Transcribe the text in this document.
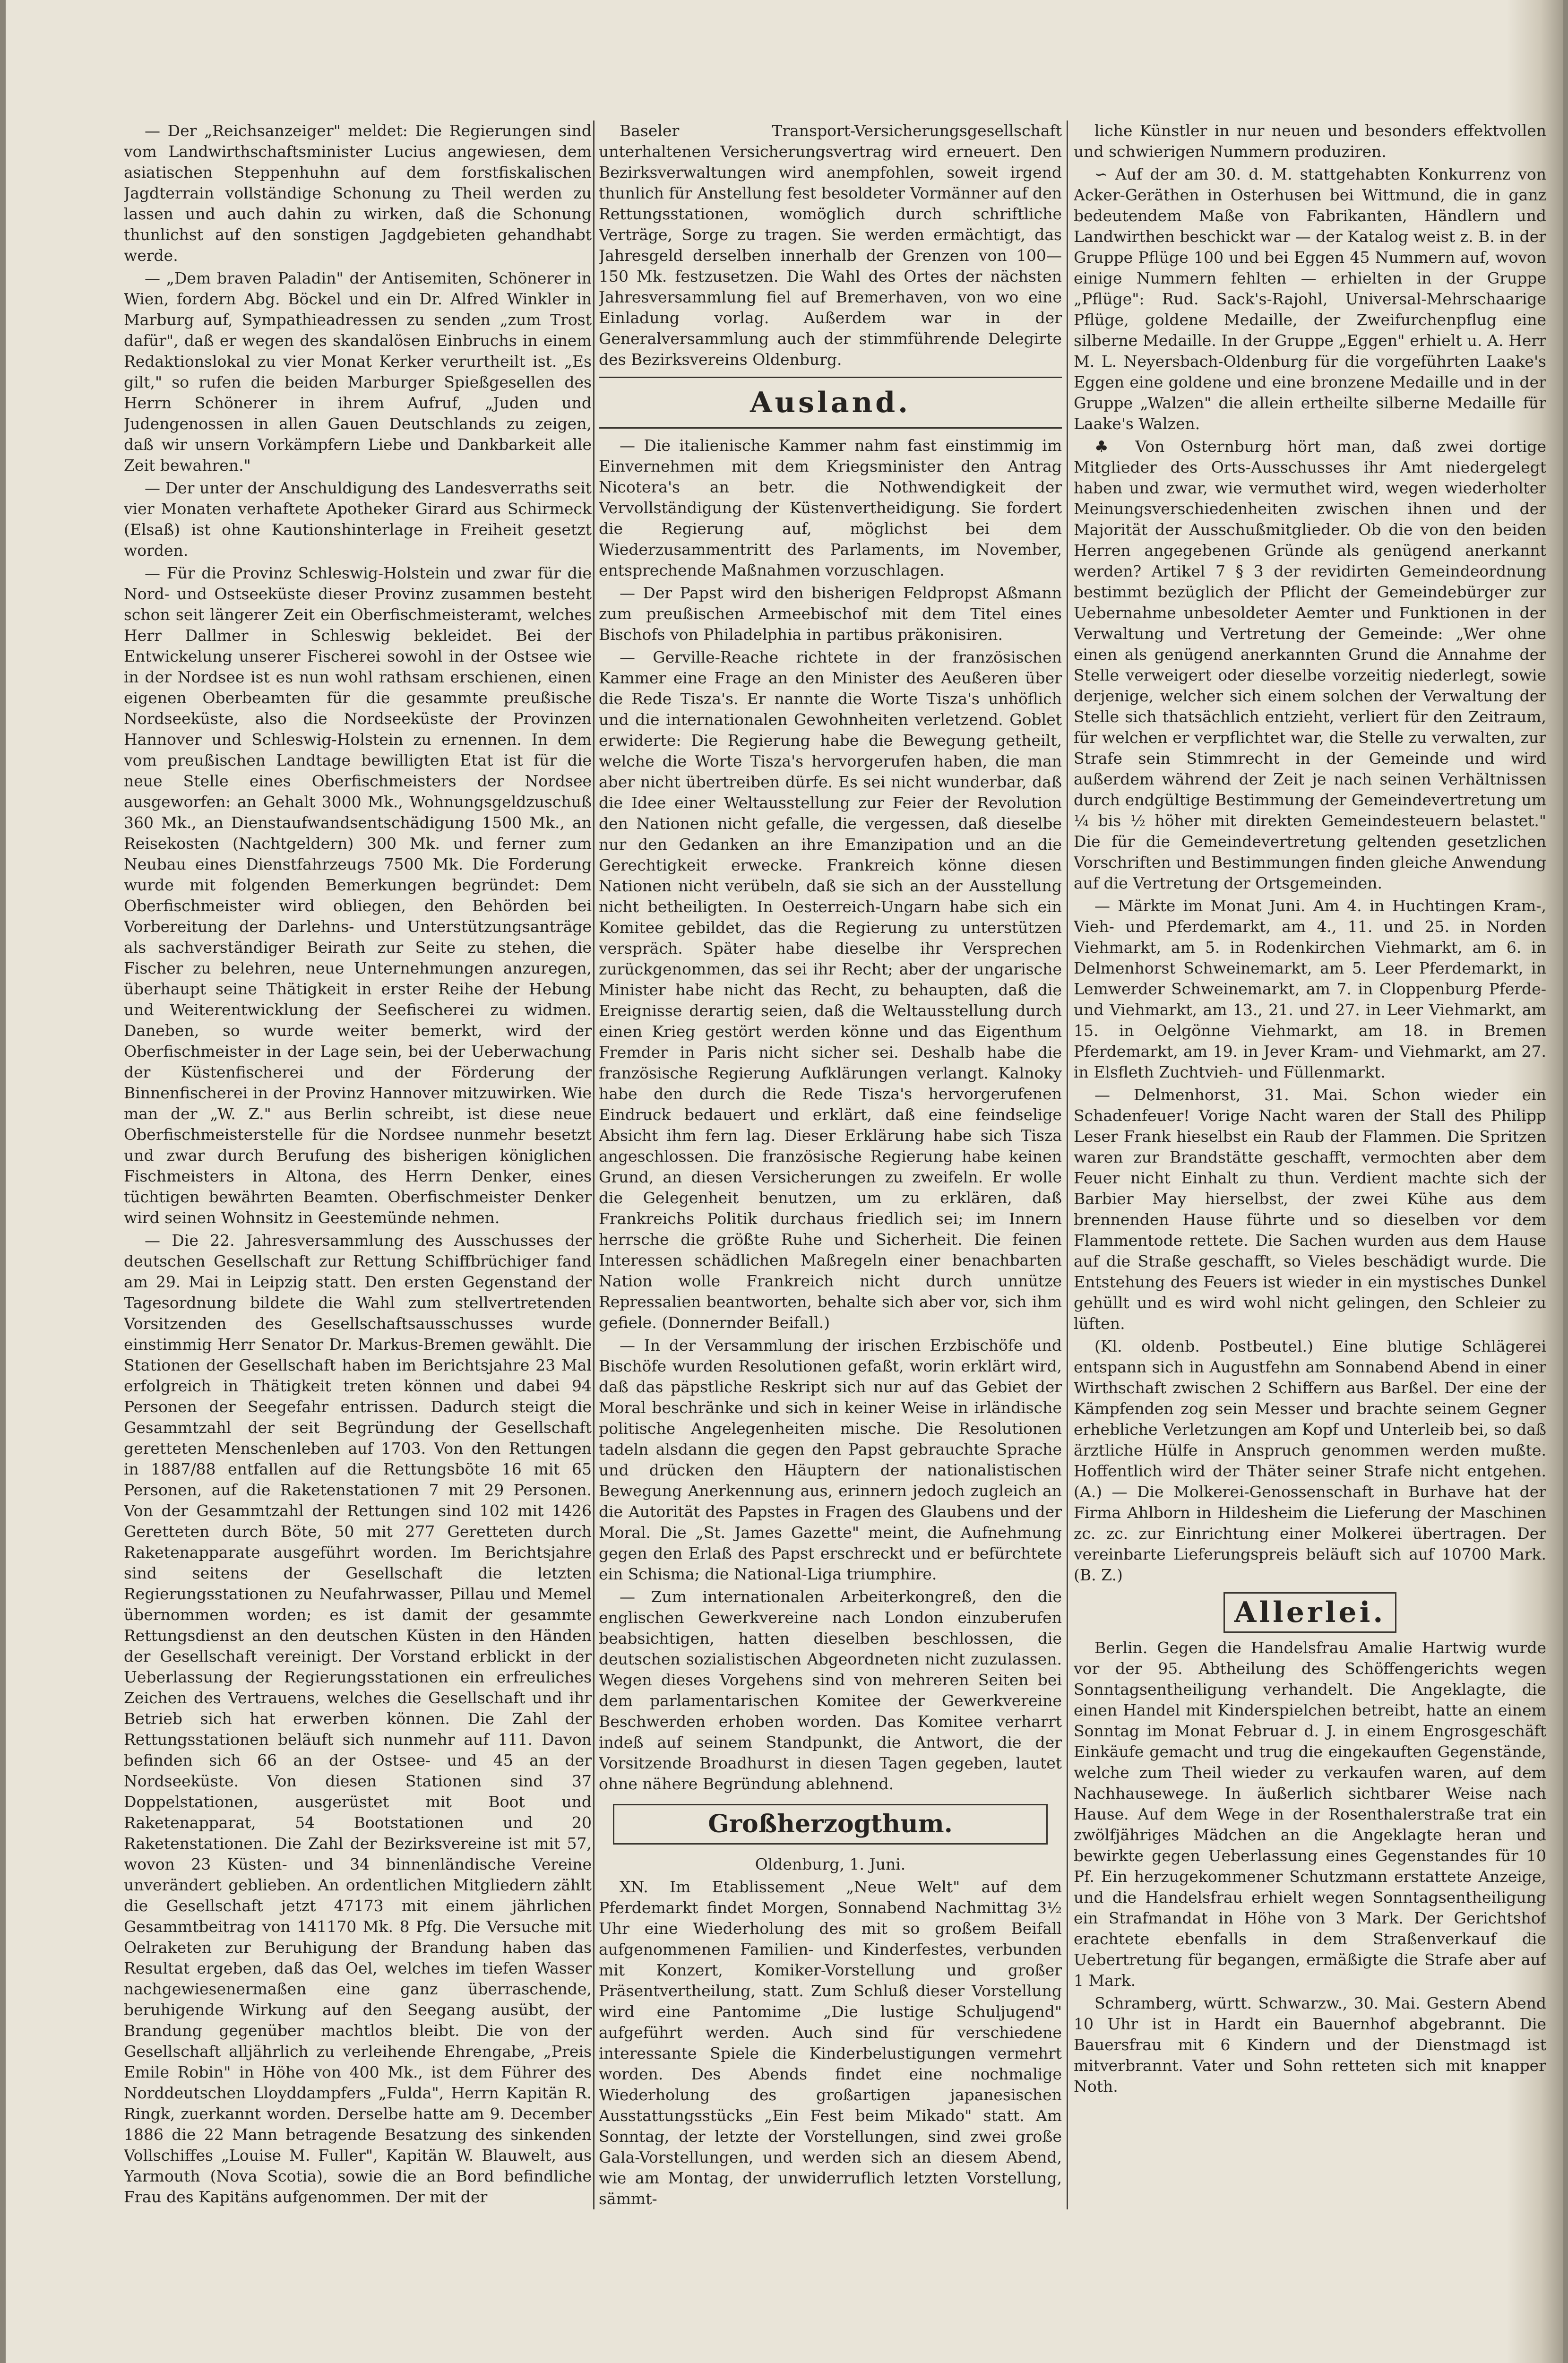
— Der „Reichsanzeiger" meldet: Die Regierungen sind vom Landwirthschaftsminister Lucius angewiesen, dem asiatischen Steppenhuhn auf dem forstfiskalischen Jagdterrain vollständige Schonung zu Theil werden zu lassen und auch dahin zu wirken, daß die Schonung thunlichst auf den sonstigen Jagdgebieten gehandhabt werde.

— „Dem braven Paladin" der Antisemiten, Schönerer in Wien, fordern Abg. Böckel und ein Dr. Alfred Winkler in Marburg auf, Sympathieadressen zu senden „zum Trost dafür", daß er wegen des skandalösen Einbruchs in einem Redaktionslokal zu vier Monat Kerker verurtheilt ist. „Es gilt," so rufen die beiden Marburger Spießgesellen des Herrn Schönerer in ihrem Aufruf, „Juden und Judengenossen in allen Gauen Deutschlands zu zeigen, daß wir unsern Vorkämpfern Liebe und Dankbarkeit alle Zeit bewahren."

— Der unter der Anschuldigung des Landesverraths seit vier Monaten verhaftete Apotheker Girard aus Schirmeck (Elsaß) ist ohne Kautionshinterlage in Freiheit gesetzt worden.

— Für die Provinz Schleswig-Holstein und zwar für die Nord- und Ostseeküste dieser Provinz zusammen besteht schon seit längerer Zeit ein Oberfischmeisteramt, welches Herr Dallmer in Schleswig bekleidet. Bei der Entwickelung unserer Fischerei sowohl in der Ostsee wie in der Nordsee ist es nun wohl rathsam erschienen, einen eigenen Oberbeamten für die gesammte preußische Nordseeküste, also die Nordseeküste der Provinzen Hannover und Schleswig-Holstein zu ernennen. In dem vom preußischen Landtage bewilligten Etat ist für die neue Stelle eines Oberfischmeisters der Nordsee ausgeworfen: an Gehalt 3000 Mk., Wohnungsgeldzuschuß 360 Mk., an Dienstaufwandsentschädigung 1500 Mk., an Reisekosten (Nachtgeldern) 300 Mk. und ferner zum Neubau eines Dienstfahrzeugs 7500 Mk. Die Forderung wurde mit folgenden Bemerkungen begründet: Dem Oberfischmeister wird obliegen, den Behörden bei Vorbereitung der Darlehns- und Unterstützungsanträge als sachverständiger Beirath zur Seite zu stehen, die Fischer zu belehren, neue Unternehmungen anzuregen, überhaupt seine Thätigkeit in erster Reihe der Hebung und Weiterentwicklung der Seefischerei zu widmen. Daneben, so wurde weiter bemerkt, wird der Oberfischmeister in der Lage sein, bei der Ueberwachung der Küstenfischerei und der Förderung der Binnenfischerei in der Provinz Hannover mitzuwirken. Wie man der „W. Z." aus Berlin schreibt, ist diese neue Oberfischmeisterstelle für die Nordsee nunmehr besetzt und zwar durch Berufung des bisherigen königlichen Fischmeisters in Altona, des Herrn Denker, eines tüchtigen bewährten Beamten. Oberfischmeister Denker wird seinen Wohnsitz in Geestemünde nehmen.

— Die 22. Jahresversammlung des Ausschusses der deutschen Gesellschaft zur Rettung Schiffbrüchiger fand am 29. Mai in Leipzig statt. Den ersten Gegenstand der Tagesordnung bildete die Wahl zum stellvertretenden Vorsitzenden des Gesellschaftsausschusses wurde einstimmig Herr Senator Dr. Markus-Bremen gewählt. Die Stationen der Gesellschaft haben im Berichtsjahre 23 Mal erfolgreich in Thätigkeit treten können und dabei 94 Personen der Seegefahr entrissen. Dadurch steigt die Gesammtzahl der seit Begründung der Gesellschaft geretteten Menschenleben auf 1703. Von den Rettungen in 1887/88 entfallen auf die Rettungsböte 16 mit 65 Personen, auf die Raketenstationen 7 mit 29 Personen. Von der Gesammtzahl der Rettungen sind 102 mit 1426 Geretteten durch Böte, 50 mit 277 Geretteten durch Raketenapparate ausgeführt worden. Im Berichtsjahre sind seitens der Gesellschaft die letzten Regierungsstationen zu Neufahrwasser, Pillau und Memel übernommen worden; es ist damit der gesammte Rettungsdienst an den deutschen Küsten in den Händen der Gesellschaft vereinigt. Der Vorstand erblickt in der Ueberlassung der Regierungsstationen ein erfreuliches Zeichen des Vertrauens, welches die Gesellschaft und ihr Betrieb sich hat erwerben können. Die Zahl der Rettungsstationen beläuft sich nunmehr auf 111. Davon befinden sich 66 an der Ostsee- und 45 an der Nordseeküste. Von diesen Stationen sind 37 Doppelstationen, ausgerüstet mit Boot und Raketenapparat, 54 Bootstationen und 20 Raketenstationen. Die Zahl der Bezirksvereine ist mit 57, wovon 23 Küsten- und 34 binnenländische Vereine unverändert geblieben. An ordentlichen Mitgliedern zählt die Gesellschaft jetzt 47173 mit einem jährlichen Gesammtbeitrag von 141170 Mk. 8 Pfg. Die Versuche mit Oelraketen zur Beruhigung der Brandung haben das Resultat ergeben, daß das Oel, welches im tiefen Wasser nachgewiesenermaßen eine ganz überraschende, beruhigende Wirkung auf den Seegang ausübt, der Brandung gegenüber machtlos bleibt. Die von der Gesellschaft alljährlich zu verleihende Ehrengabe, „Preis Emile Robin" in Höhe von 400 Mk., ist dem Führer des Norddeutschen Lloyddampfers „Fulda", Herrn Kapitän R. Ringk, zuerkannt worden. Derselbe hatte am 9. December 1886 die 22 Mann betragende Besatzung des sinkenden Vollschiffes „Louise M. Fuller", Kapitän W. Blauwelt, aus Yarmouth (Nova Scotia), sowie die an Bord befindliche Frau des Kapitäns aufgenommen. Der mit der

Baseler Transport-Versicherungsgesellschaft unterhaltenen Versicherungsvertrag wird erneuert. Den Bezirksverwaltungen wird anempfohlen, soweit irgend thunlich für Anstellung fest besoldeter Vormänner auf den Rettungsstationen, womöglich durch schriftliche Verträge, Sorge zu tragen. Sie werden ermächtigt, das Jahresgeld derselben innerhalb der Grenzen von 100—150 Mk. festzusetzen. Die Wahl des Ortes der nächsten Jahresversammlung fiel auf Bremerhaven, von wo eine Einladung vorlag. Außerdem war in der Generalversammlung auch der stimmführende Delegirte des Bezirksvereins Oldenburg.

Ausland.

— Die italienische Kammer nahm fast einstimmig im Einvernehmen mit dem Kriegsminister den Antrag Nicotera's an betr. die Nothwendigkeit der Vervollständigung der Küstenvertheidigung. Sie fordert die Regierung auf, möglichst bei dem Wiederzusammentritt des Parlaments, im November, entsprechende Maßnahmen vorzuschlagen.

— Der Papst wird den bisherigen Feldpropst Aßmann zum preußischen Armeebischof mit dem Titel eines Bischofs von Philadelphia in partibus präkonisiren.

— Gerville-Reache richtete in der französischen Kammer eine Frage an den Minister des Aeußeren über die Rede Tisza's. Er nannte die Worte Tisza's unhöflich und die internationalen Gewohnheiten verletzend. Goblet erwiderte: Die Regierung habe die Bewegung getheilt, welche die Worte Tisza's hervorgerufen haben, die man aber nicht übertreiben dürfe. Es sei nicht wunderbar, daß die Idee einer Weltausstellung zur Feier der Revolution den Nationen nicht gefalle, die vergessen, daß dieselbe nur den Gedanken an ihre Emanzipation und an die Gerechtigkeit erwecke. Frankreich könne diesen Nationen nicht verübeln, daß sie sich an der Ausstellung nicht betheiligten. In Oesterreich-Ungarn habe sich ein Komitee gebildet, das die Regierung zu unterstützen verspräch. Später habe dieselbe ihr Versprechen zurückgenommen, das sei ihr Recht; aber der ungarische Minister habe nicht das Recht, zu behaupten, daß die Ereignisse derartig seien, daß die Weltausstellung durch einen Krieg gestört werden könne und das Eigenthum Fremder in Paris nicht sicher sei. Deshalb habe die französische Regierung Aufklärungen verlangt. Kalnoky habe den durch die Rede Tisza's hervorgerufenen Eindruck bedauert und erklärt, daß eine feindselige Absicht ihm fern lag. Dieser Erklärung habe sich Tisza angeschlossen. Die französische Regierung habe keinen Grund, an diesen Versicherungen zu zweifeln. Er wolle die Gelegenheit benutzen, um zu erklären, daß Frankreichs Politik durchaus friedlich sei; im Innern herrsche die größte Ruhe und Sicherheit. Die feinen Interessen schädlichen Maßregeln einer benachbarten Nation wolle Frankreich nicht durch unnütze Repressalien beantworten, behalte sich aber vor, sich ihm gefiele. (Donnernder Beifall.)

— In der Versammlung der irischen Erzbischöfe und Bischöfe wurden Resolutionen gefaßt, worin erklärt wird, daß das päpstliche Reskript sich nur auf das Gebiet der Moral beschränke und sich in keiner Weise in irländische politische Angelegenheiten mische. Die Resolutionen tadeln alsdann die gegen den Papst gebrauchte Sprache und drücken den Häuptern der nationalistischen Bewegung Anerkennung aus, erinnern jedoch zugleich an die Autorität des Papstes in Fragen des Glaubens und der Moral. Die „St. James Gazette" meint, die Aufnehmung gegen den Erlaß des Papst erschreckt und er befürchtete ein Schisma; die National-Liga triumphire.

— Zum internationalen Arbeiterkongreß, den die englischen Gewerkvereine nach London einzuberufen beabsichtigen, hatten dieselben beschlossen, die deutschen sozialistischen Abgeordneten nicht zuzulassen. Wegen dieses Vorgehens sind von mehreren Seiten bei dem parlamentarischen Komitee der Gewerkvereine Beschwerden erhoben worden. Das Komitee verharrt indeß auf seinem Standpunkt, die Antwort, die der Vorsitzende Broadhurst in diesen Tagen gegeben, lautet ohne nähere Begründung ablehnend.

Großherzogthum.

Oldenburg, 1. Juni.

XN. Im Etablissement „Neue Welt" auf dem Pferdemarkt findet Morgen, Sonnabend Nachmittag 3½ Uhr eine Wiederholung des mit so großem Beifall aufgenommenen Familien- und Kinderfestes, verbunden mit Konzert, Komiker-Vorstellung und großer Präsentvertheilung, statt. Zum Schluß dieser Vorstellung wird eine Pantomime „Die lustige Schuljugend" aufgeführt werden. Auch sind für verschiedene interessante Spiele die Kinderbelustigungen vermehrt worden. Des Abends findet eine nochmalige Wiederholung des großartigen japanesischen Ausstattungsstücks „Ein Fest beim Mikado" statt. Am Sonntag, der letzte der Vorstellungen, sind zwei große Gala-Vorstellungen, und werden sich an diesem Abend, wie am Montag, der unwiderruflich letzten Vorstellung, sämmt-

liche Künstler in nur neuen und besonders effektvollen und schwierigen Nummern produziren.

∽ Auf der am 30. d. M. stattgehabten Konkurrenz von Acker-Geräthen in Osterhusen bei Wittmund, die in ganz bedeutendem Maße von Fabrikanten, Händlern und Landwirthen beschickt war — der Katalog weist z. B. in der Gruppe Pflüge 100 und bei Eggen 45 Nummern auf, wovon einige Nummern fehlten — erhielten in der Gruppe „Pflüge": Rud. Sack's-Rajohl, Universal-Mehrschaarige Pflüge, goldene Medaille, der Zweifurchenpflug eine silberne Medaille. In der Gruppe „Eggen" erhielt u. A. Herr M. L. Neyersbach-Oldenburg für die vorgeführten Laake's Eggen eine goldene und eine bronzene Medaille und in der Gruppe „Walzen" die allein ertheilte silberne Medaille für Laake's Walzen.

♣ Von Osternburg hört man, daß zwei dortige Mitglieder des Orts-Ausschusses ihr Amt niedergelegt haben und zwar, wie vermuthet wird, wegen wiederholter Meinungsverschiedenheiten zwischen ihnen und der Majorität der Ausschußmitglieder. Ob die von den beiden Herren angegebenen Gründe als genügend anerkannt werden? Artikel 7 § 3 der revidirten Gemeindeordnung bestimmt bezüglich der Pflicht der Gemeindebürger zur Uebernahme unbesoldeter Aemter und Funktionen in der Verwaltung und Vertretung der Gemeinde: „Wer ohne einen als genügend anerkannten Grund die Annahme der Stelle verweigert oder dieselbe vorzeitig niederlegt, sowie derjenige, welcher sich einem solchen der Verwaltung der Stelle sich thatsächlich entzieht, verliert für den Zeitraum, für welchen er verpflichtet war, die Stelle zu verwalten, zur Strafe sein Stimmrecht in der Gemeinde und wird außerdem während der Zeit je nach seinen Verhältnissen durch endgültige Bestimmung der Gemeindevertretung um ¼ bis ½ höher mit direkten Gemeindesteuern belastet." Die für die Gemeindevertretung geltenden gesetzlichen Vorschriften und Bestimmungen finden gleiche Anwendung auf die Vertretung der Ortsgemeinden.

— Märkte im Monat Juni. Am 4. in Huchtingen Kram-, Vieh- und Pferdemarkt, am 4., 11. und 25. in Norden Viehmarkt, am 5. in Rodenkirchen Viehmarkt, am 6. in Delmenhorst Schweinemarkt, am 5. Leer Pferdemarkt, in Lemwerder Schweinemarkt, am 7. in Cloppenburg Pferde- und Viehmarkt, am 13., 21. und 27. in Leer Viehmarkt, am 15. in Oelgönne Viehmarkt, am 18. in Bremen Pferdemarkt, am 19. in Jever Kram- und Viehmarkt, am 27. in Elsfleth Zuchtvieh- und Füllenmarkt.

— Delmenhorst, 31. Mai. Schon wieder ein Schadenfeuer! Vorige Nacht waren der Stall des Philipp Leser Frank hieselbst ein Raub der Flammen. Die Spritzen waren zur Brandstätte geschafft, vermochten aber dem Feuer nicht Einhalt zu thun. Verdient machte sich der Barbier May hierselbst, der zwei Kühe aus dem brennenden Hause führte und so dieselben vor dem Flammentode rettete. Die Sachen wurden aus dem Hause auf die Straße geschafft, so Vieles beschädigt wurde. Die Entstehung des Feuers ist wieder in ein mystisches Dunkel gehüllt und es wird wohl nicht gelingen, den Schleier zu lüften.

(Kl. oldenb. Postbeutel.) Eine blutige Schlägerei entspann sich in Augustfehn am Sonnabend Abend in einer Wirthschaft zwischen 2 Schiffern aus Barßel. Der eine der Kämpfenden zog sein Messer und brachte seinem Gegner erhebliche Verletzungen am Kopf und Unterleib bei, so daß ärztliche Hülfe in Anspruch genommen werden mußte. Hoffentlich wird der Thäter seiner Strafe nicht entgehen. (A.) — Die Molkerei-Genossenschaft in Burhave hat der Firma Ahlborn in Hildesheim die Lieferung der Maschinen zc. zc. zur Einrichtung einer Molkerei übertragen. Der vereinbarte Lieferungspreis beläuft sich auf 10700 Mark. (B. Z.)

Allerlei.

Berlin. Gegen die Handelsfrau Amalie Hartwig wurde vor der 95. Abtheilung des Schöffengerichts wegen Sonntagsentheiligung verhandelt. Die Angeklagte, die einen Handel mit Kinderspielchen betreibt, hatte an einem Sonntag im Monat Februar d. J. in einem Engrosgeschäft Einkäufe gemacht und trug die eingekauften Gegenstände, welche zum Theil wieder zu verkaufen waren, auf dem Nachhausewege. In äußerlich sichtbarer Weise nach Hause. Auf dem Wege in der Rosenthalerstraße trat ein zwölfjähriges Mädchen an die Angeklagte heran und bewirkte gegen Ueberlassung eines Gegenstandes für 10 Pf. Ein herzugekommener Schutzmann erstattete Anzeige, und die Handelsfrau erhielt wegen Sonntagsentheiligung ein Strafmandat in Höhe von 3 Mark. Der Gerichtshof erachtete ebenfalls in dem Straßenverkauf die Uebertretung für begangen, ermäßigte die Strafe aber auf 1 Mark.

Schramberg, württ. Schwarzw., 30. Mai. Gestern Abend 10 Uhr ist in Hardt ein Bauernhof abgebrannt. Die Bauersfrau mit 6 Kindern und der Dienstmagd ist mitverbrannt. Vater und Sohn retteten sich mit knapper Noth.
